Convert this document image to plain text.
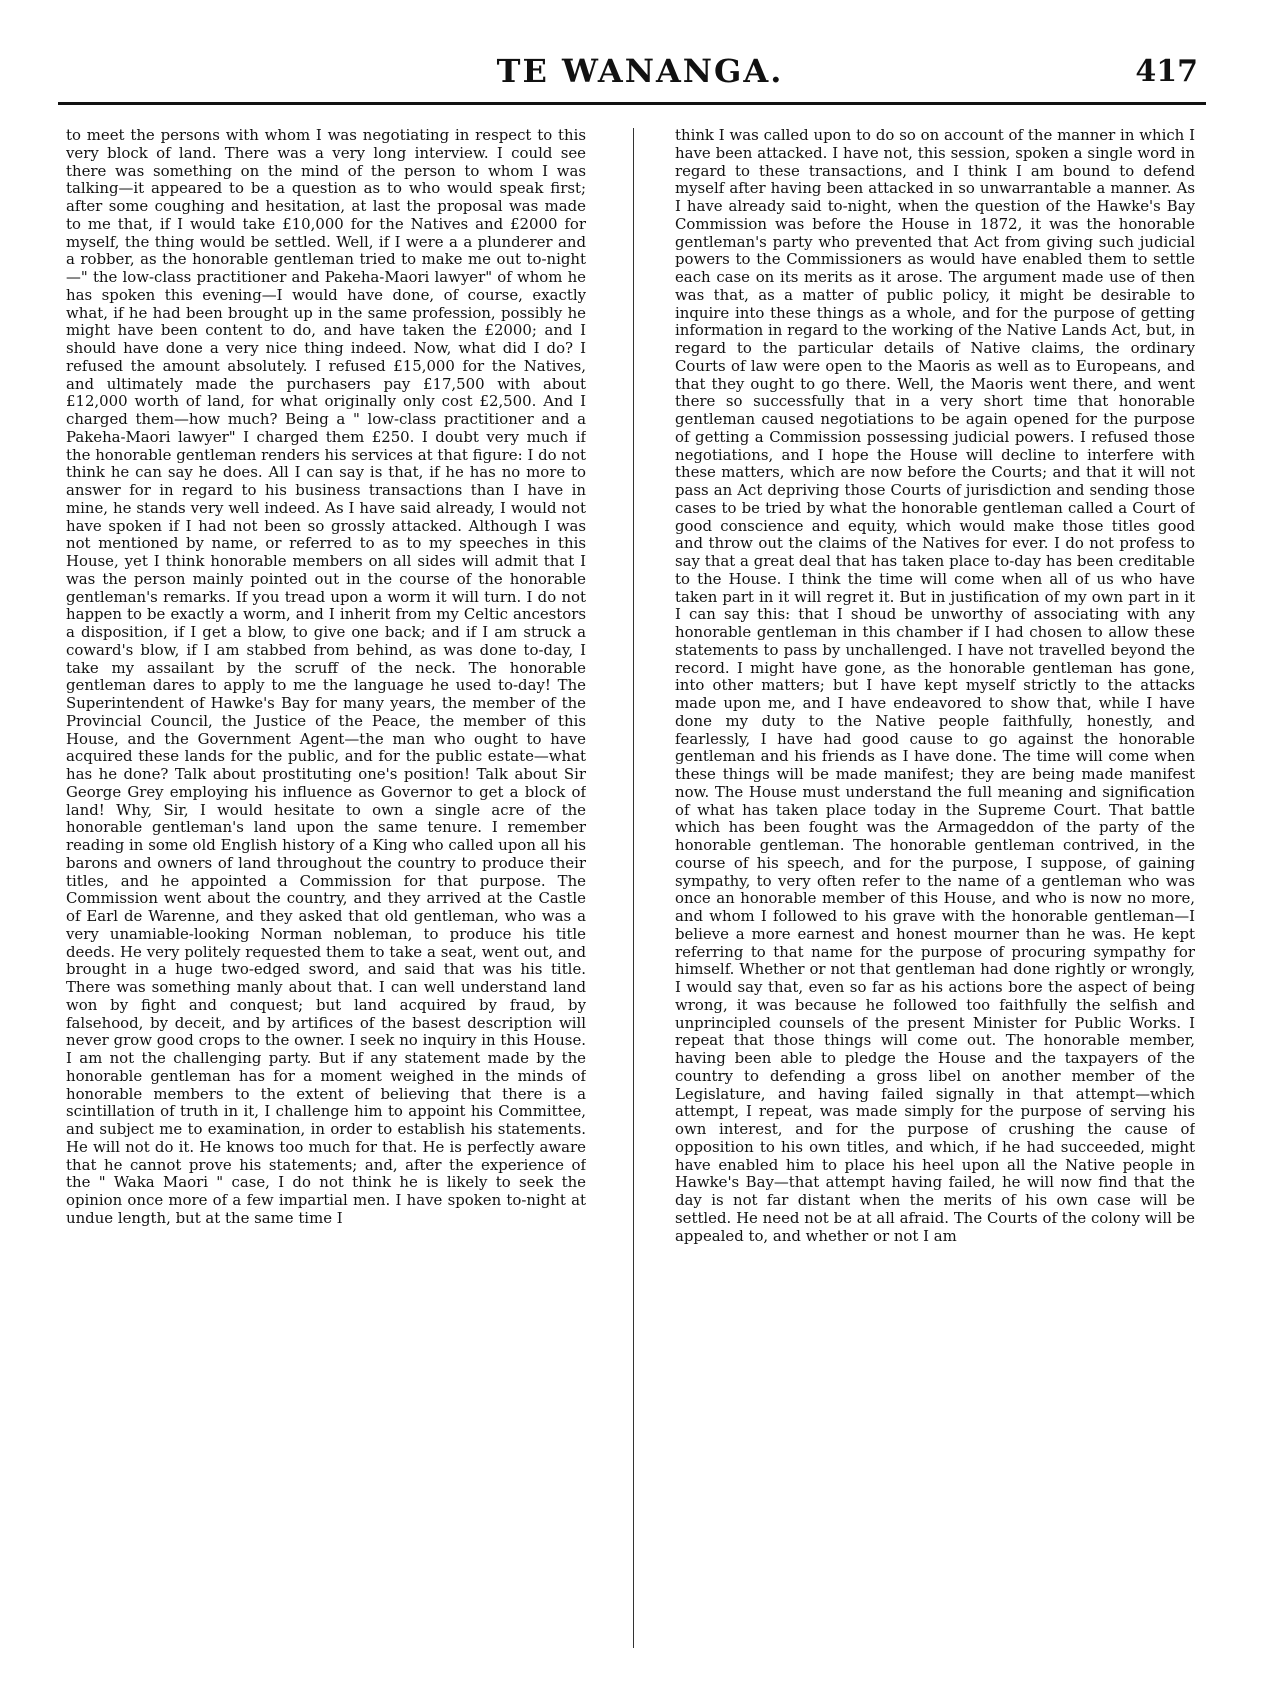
TE WANANGA.	417

to meet the persons with whom I was negotiating in respect to this very block of land. There was a very long interview. I could see there was something on the mind of the person to whom I was talking—it appeared to be a question as to who would speak first; after some coughing and hesitation, at last the proposal was made to me that, if I would take £10,000 for the Natives and £2000 for myself, the thing would be settled. Well, if I were a a plunderer and a robber, as the honorable gentleman tried to make me out to-night—" the low-class practitioner and Pakeha-Maori lawyer" of whom he has spoken this evening—I would have done, of course, exactly what, if he had been brought up in the same profession, possibly he might have been content to do, and have taken the £2000; and I should have done a very nice thing indeed. Now, what did I do? I refused the amount absolutely. I refused £15,000 for the Natives, and ultimately made the purchasers pay £17,500 with about £12,000 worth of land, for what originally only cost £2,500. And I charged them—how much? Being a " low-class practitioner and a Pakeha-Maori lawyer" I charged them £250. I doubt very much if the honorable gentleman renders his services at that figure: I do not think he can say he does. All I can say is that, if he has no more to answer for in regard to his business transactions than I have in mine, he stands very well indeed. As I have said already, I would not have spoken if I had not been so grossly attacked. Although I was not mentioned by name, or referred to as to my speeches in this House, yet I think honorable members on all sides will admit that I was the person mainly pointed out in the course of the honorable gentleman's remarks. If you tread upon a worm it will turn. I do not happen to be exactly a worm, and I inherit from my Celtic ancestors a disposition, if I get a blow, to give one back; and if I am struck a coward's blow, if I am stabbed from behind, as was done to-day, I take my assailant by the scruff of the neck. The honorable gentleman dares to apply to me the language he used to-day! The Superintendent of Hawke's Bay for many years, the member of the Provincial Council, the Justice of the Peace, the member of this House, and the Government Agent—the man who ought to have acquired these lands for the public, and for the public estate—what has he done? Talk about prostituting one's position! Talk about Sir George Grey employing his influence as Governor to get a block of land! Why, Sir, I would hesitate to own a single acre of the honorable gentleman's land upon the same tenure. I remember reading in some old English history of a King who called upon all his barons and owners of land throughout the country to produce their titles, and he appointed a Commission for that purpose. The Commission went about the country, and they arrived at the Castle of Earl de Warenne, and they asked that old gentleman, who was a very unamiable-looking Norman nobleman, to produce his title deeds. He very politely requested them to take a seat, went out, and brought in a huge two-edged sword, and said that was his title. There was something manly about that. I can well understand land won by fight and conquest; but land acquired by fraud, by falsehood, by deceit, and by artifices of the basest description will never grow good crops to the owner. I seek no inquiry in this House. I am not the challenging party. But if any statement made by the honorable gentleman has for a moment weighed in the minds of honorable members to the extent of believing that there is a scintillation of truth in it, I challenge him to appoint his Committee, and subject me to examination, in order to establish his statements. He will not do it. He knows too much for that. He is perfectly aware that he cannot prove his statements; and, after the experience of the " Waka Maori " case, I do not think he is likely to seek the opinion once more of a few impartial men. I have spoken to-night at undue length, but at the same time I

think I was called upon to do so on account of the manner in which I have been attacked. I have not, this session, spoken a single word in regard to these transactions, and I think I am bound to defend myself after having been attacked in so unwarrantable a manner. As I have already said to-night, when the question of the Hawke's Bay Commission was before the House in 1872, it was the honorable gentleman's party who prevented that Act from giving such judicial powers to the Commissioners as would have enabled them to settle each case on its merits as it arose. The argument made use of then was that, as a matter of public policy, it might be desirable to inquire into these things as a whole, and for the purpose of getting information in regard to the working of the Native Lands Act, but, in regard to the particular details of Native claims, the ordinary Courts of law were open to the Maoris as well as to Europeans, and that they ought to go there. Well, the Maoris went there, and went there so successfully that in a very short time that honorable gentleman caused negotiations to be again opened for the purpose of getting a Commission possessing judicial powers. I refused those negotiations, and I hope the House will decline to interfere with these matters, which are now before the Courts; and that it will not pass an Act depriving those Courts of jurisdiction and sending those cases to be tried by what the honorable gentleman called a Court of good conscience and equity, which would make those titles good and throw out the claims of the Natives for ever. I do not profess to say that a great deal that has taken place to-day has been creditable to the House. I think the time will come when all of us who have taken part in it will regret it. But in justification of my own part in it I can say this: that I shoud be unworthy of associating with any honorable gentleman in this chamber if I had chosen to allow these statements to pass by unchallenged. I have not travelled beyond the record. I might have gone, as the honorable gentleman has gone, into other matters; but I have kept myself strictly to the attacks made upon me, and I have endeavored to show that, while I have done my duty to the Native people faithfully, honestly, and fearlessly, I have had good cause to go against the honorable gentleman and his friends as I have done. The time will come when these things will be made manifest; they are being made manifest now. The House must understand the full meaning and signification of what has taken place today in the Supreme Court. That battle which has been fought was the Armageddon of the party of the honorable gentleman. The honorable gentleman contrived, in the course of his speech, and for the purpose, I suppose, of gaining sympathy, to very often refer to the name of a gentleman who was once an honorable member of this House, and who is now no more, and whom I followed to his grave with the honorable gentleman—I believe a more earnest and honest mourner than he was. He kept referring to that name for the purpose of procuring sympathy for himself. Whether or not that gentleman had done rightly or wrongly, I would say that, even so far as his actions bore the aspect of being wrong, it was because he followed too faithfully the selfish and unprincipled counsels of the present Minister for Public Works. I repeat that those things will come out. The honorable member, having been able to pledge the House and the taxpayers of the country to defending a gross libel on another member of the Legislature, and having failed signally in that attempt—which attempt, I repeat, was made simply for the purpose of serving his own interest, and for the purpose of crushing the cause of opposition to his own titles, and which, if he had succeeded, might have enabled him to place his heel upon all the Native people in Hawke's Bay—that attempt having failed, he will now find that the day is not far distant when the merits of his own case will be settled. He need not be at all afraid. The Courts of the colony will be appealed to, and whether or not I am
